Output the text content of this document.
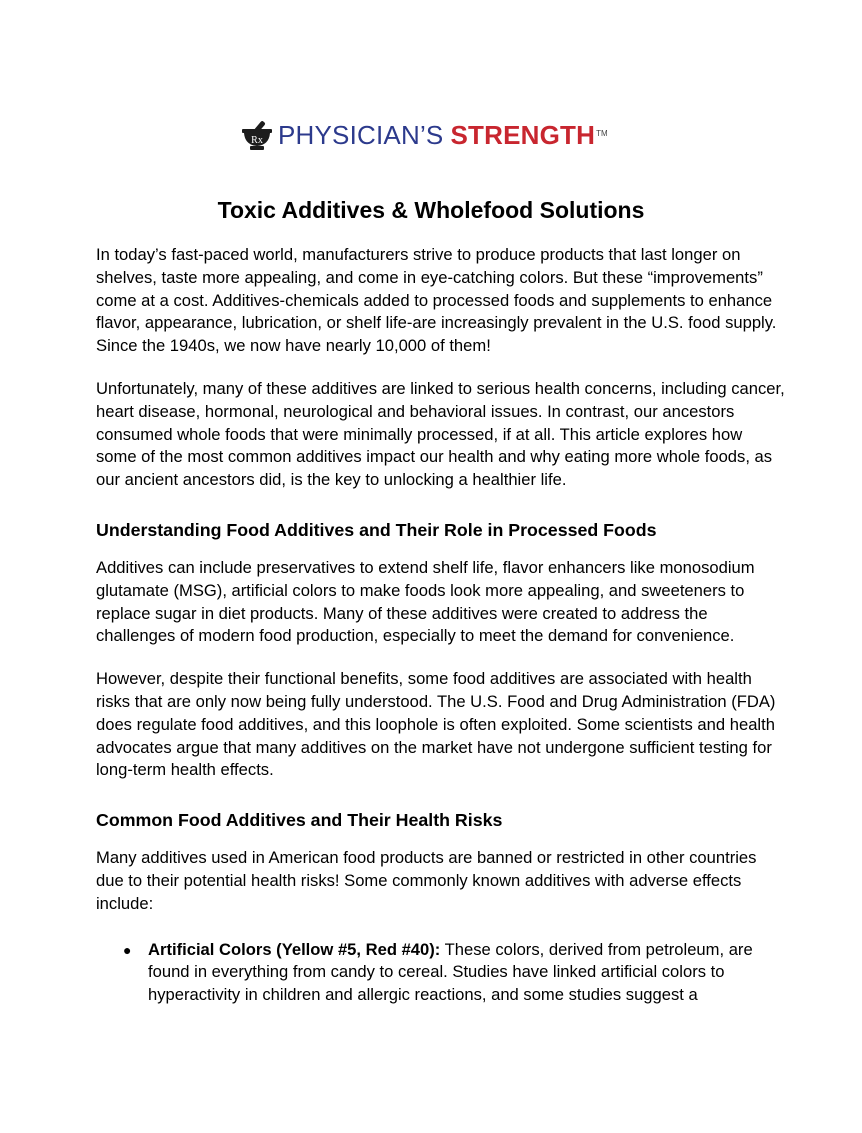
Rx PHYSICIAN’S STRENGTH TM
Toxic Additives & Wholefood Solutions

In today’s fast-paced world, manufacturers strive to produce products that last longer on shelves, taste more appealing, and come in eye-catching colors. But these “improvements” come at a cost. Additives-chemicals added to processed foods and supplements to enhance flavor, appearance, lubrication, or shelf life-are increasingly prevalent in the U.S. food supply. Since the 1940s, we now have nearly 10,000 of them!

Unfortunately, many of these additives are linked to serious health concerns, including cancer, heart disease, hormonal, neurological and behavioral issues. In contrast, our ancestors consumed whole foods that were minimally processed, if at all. This article explores how some of the most common additives impact our health and why eating more whole foods, as our ancient ancestors did, is the key to unlocking a healthier life.

Understanding Food Additives and Their Role in Processed Foods

Additives can include preservatives to extend shelf life, flavor enhancers like monosodium glutamate (MSG), artificial colors to make foods look more appealing, and sweeteners to replace sugar in diet products. Many of these additives were created to address the challenges of modern food production, especially to meet the demand for convenience.

However, despite their functional benefits, some food additives are associated with health risks that are only now being fully understood. The U.S. Food and Drug Administration (FDA) does regulate food additives, and this loophole is often exploited. Some scientists and health advocates argue that many additives on the market have not undergone sufficient testing for long-term health effects.

Common Food Additives and Their Health Risks

Many additives used in American food products are banned or restricted in other countries due to their potential health risks! Some commonly known additives with adverse effects include:

● Artificial Colors (Yellow #5, Red #40): These colors, derived from petroleum, are found in everything from candy to cereal. Studies have linked artificial colors to hyperactivity in children and allergic reactions, and some studies suggest a
